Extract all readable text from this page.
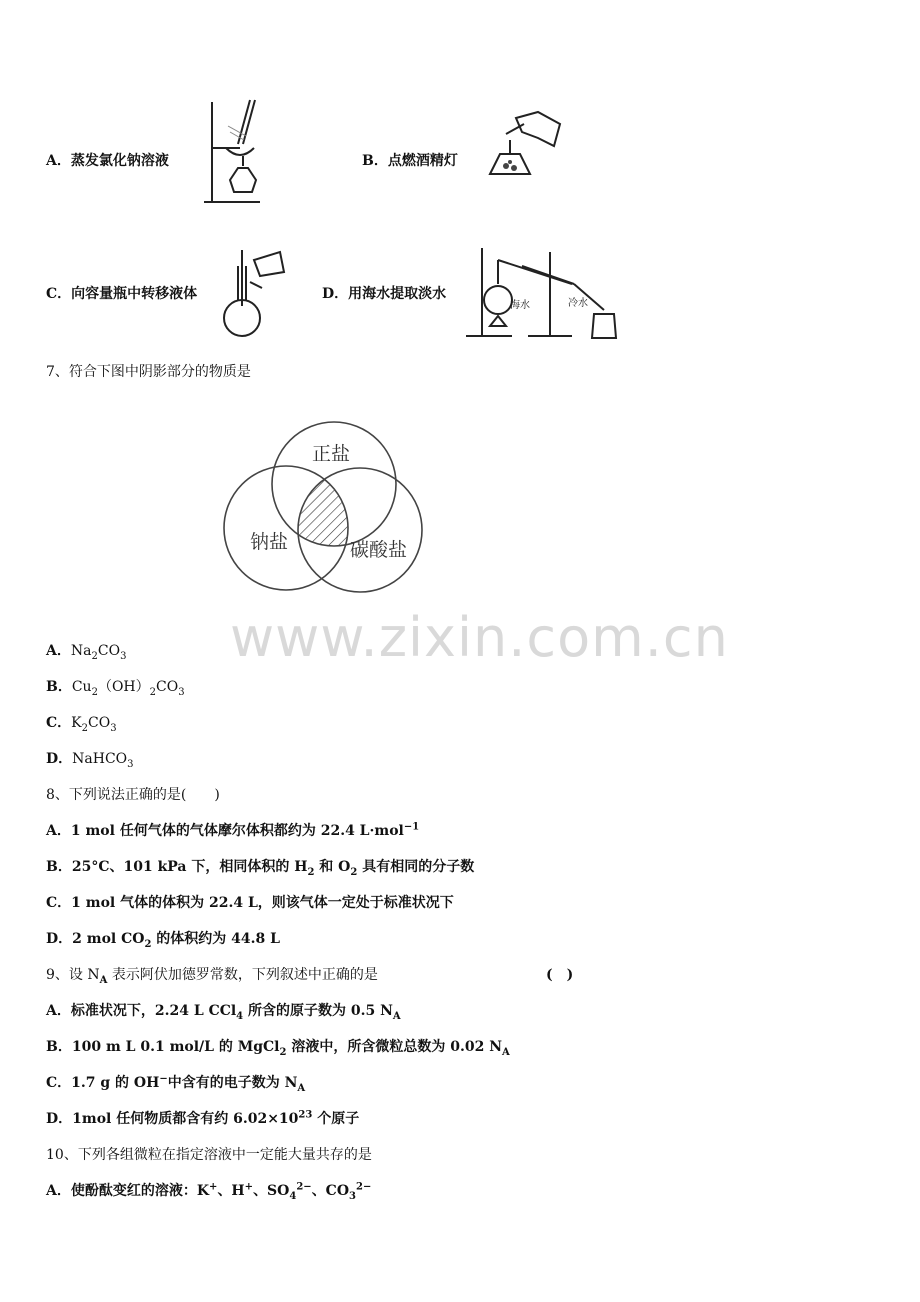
A．蒸发氯化钠溶液	B．点燃酒精灯
C．向容量瓶中转移液体	D．用海水提取淡水
海水	冷水
7、符合下图中阴影部分的物质是
正盐
钠盐	碳酸盐
www.zixin.com.cn
A．$Na_2CO_3$
B．$Cu_2(OH)_2CO_3$
C．$K_2CO_3$
D．NaHCO$_3$
8、下列说法正确的是(　　)
A．1 mol 任何气体的气体摩尔体积都约为 22.4 L·mol$^{-1}$
B．25°C、101 kPa 下，相同体积的 $H_2$ 和 $O_2$ 具有相同的分子数
C．1 mol 气体的体积为 22.4 L，则该气体一定处于标准状况下
D．2 mol $CO_2$ 的体积约为 44.8 L
9、设 $N_A$ 表示阿伏加德罗常数，下列叙述中正确的是	(　)
A．标准状况下，2.24 L CCl$_4$ 所含的原子数为 0.5 $N_A$
B．100 m L 0.1 mol/L 的 MgCl$_2$ 溶液中，所含微粒总数为 0.02 $N_A$
C．1.7 g 的 OH−中含有的电子数为 $N_A$
D．1mol 任何物质都含有约 $6.02\times 10^{23}$ 个原子
10、下列各组微粒在指定溶液中一定能大量共存的是
A．使酚酞变红的溶液：K+、H+、$SO_4^{2-}$、$CO_3^{2-}$
